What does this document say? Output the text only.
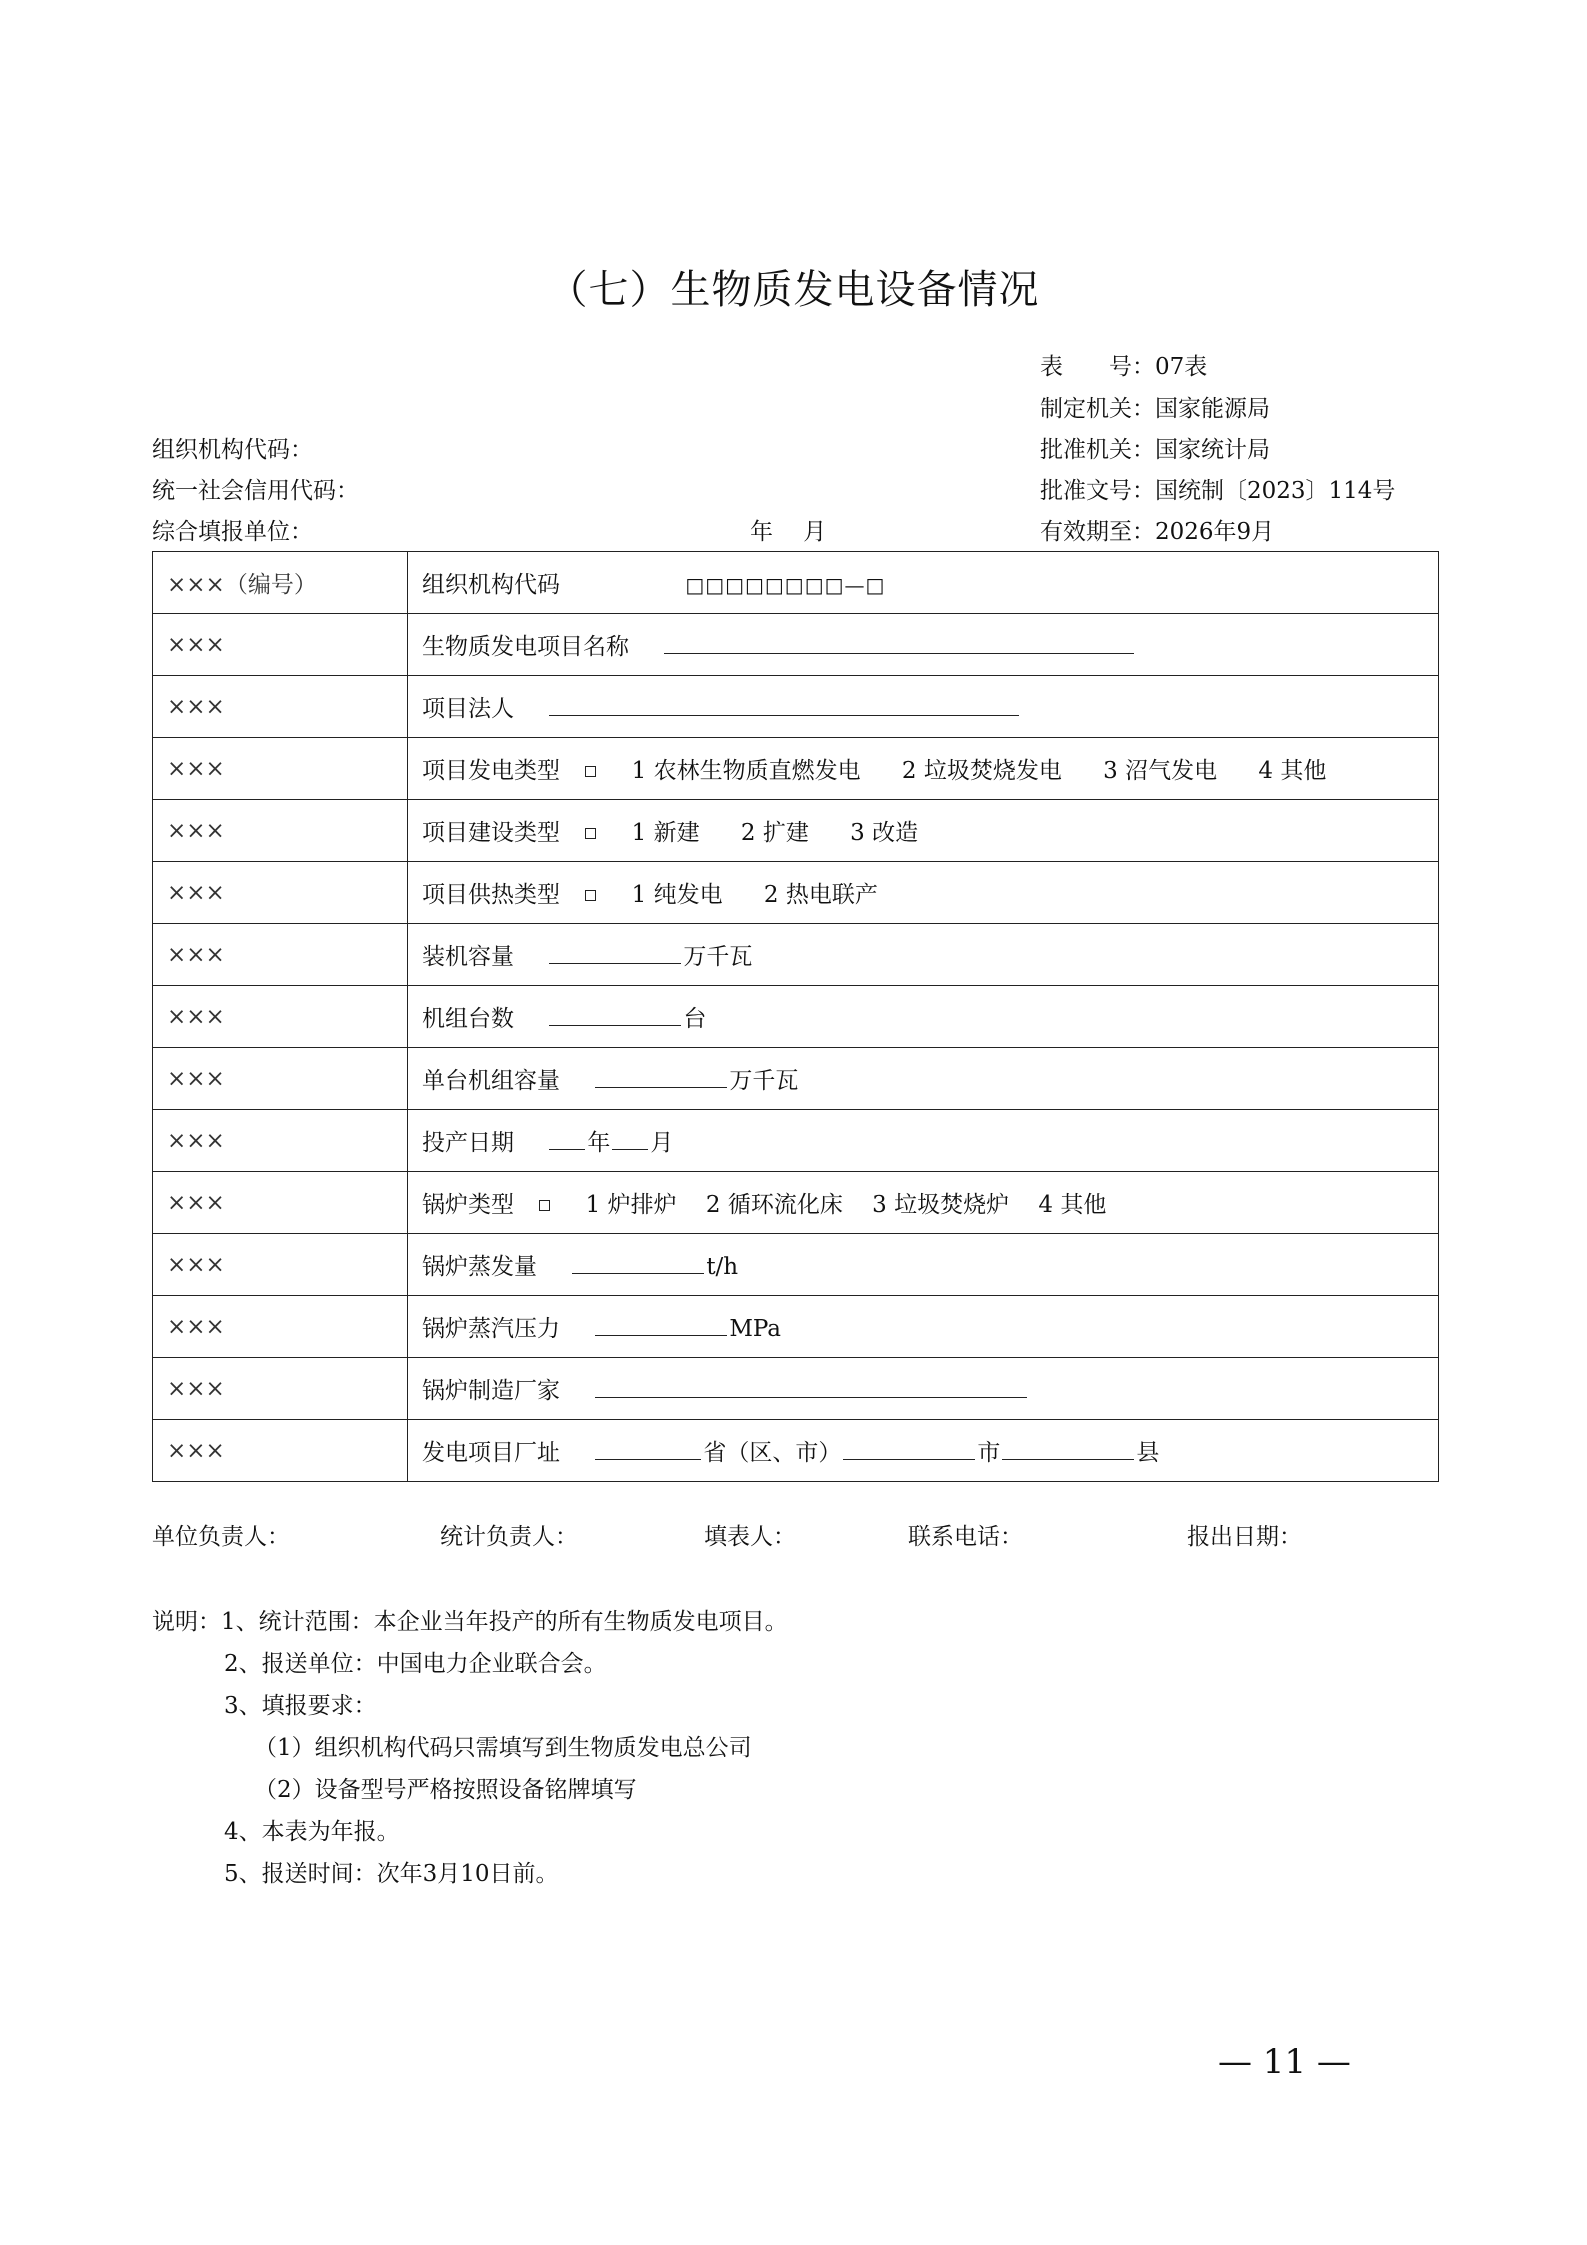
（七）生物质发电设备情况
表　　号：07表
制定机关：国家能源局
批准机关：国家统计局
批准文号：国统制〔2023〕114号
有效期至：2026年9月
组织机构代码：
统一社会信用代码：
综合填报单位：	年　 月
×××（编号）	组织机构代码 □□□□□□□□—□
×××	生物质发电项目名称
×××	项目法人
×××	项目发电类型 1 农林生物质直燃发电 2 垃圾焚烧发电 3 沼气发电 4 其他
×××	项目建设类型 1 新建 2 扩建 3 改造
×××	项目供热类型 1 纯发电 2 热电联产
×××	装机容量 万千瓦
×××	机组台数 台
×××	单台机组容量 万千瓦
×××	投产日期 年 月
×××	锅炉类型 1 炉排炉 2 循环流化床 3 垃圾焚烧炉 4 其他
×××	锅炉蒸发量 t/h
×××	锅炉蒸汽压力 MPa
×××	锅炉制造厂家
×××	发电项目厂址 省（区、市） 市 县
单位负责人：	统计负责人：	填表人：	联系电话：	报出日期：
说明：1、统计范围：本企业当年投产的所有生物质发电项目。
2、报送单位：中国电力企业联合会。
3、填报要求：
（1）组织机构代码只需填写到生物质发电总公司
（2）设备型号严格按照设备铭牌填写
4、本表为年报。
5、报送时间：次年3月10日前。
— 11 —
